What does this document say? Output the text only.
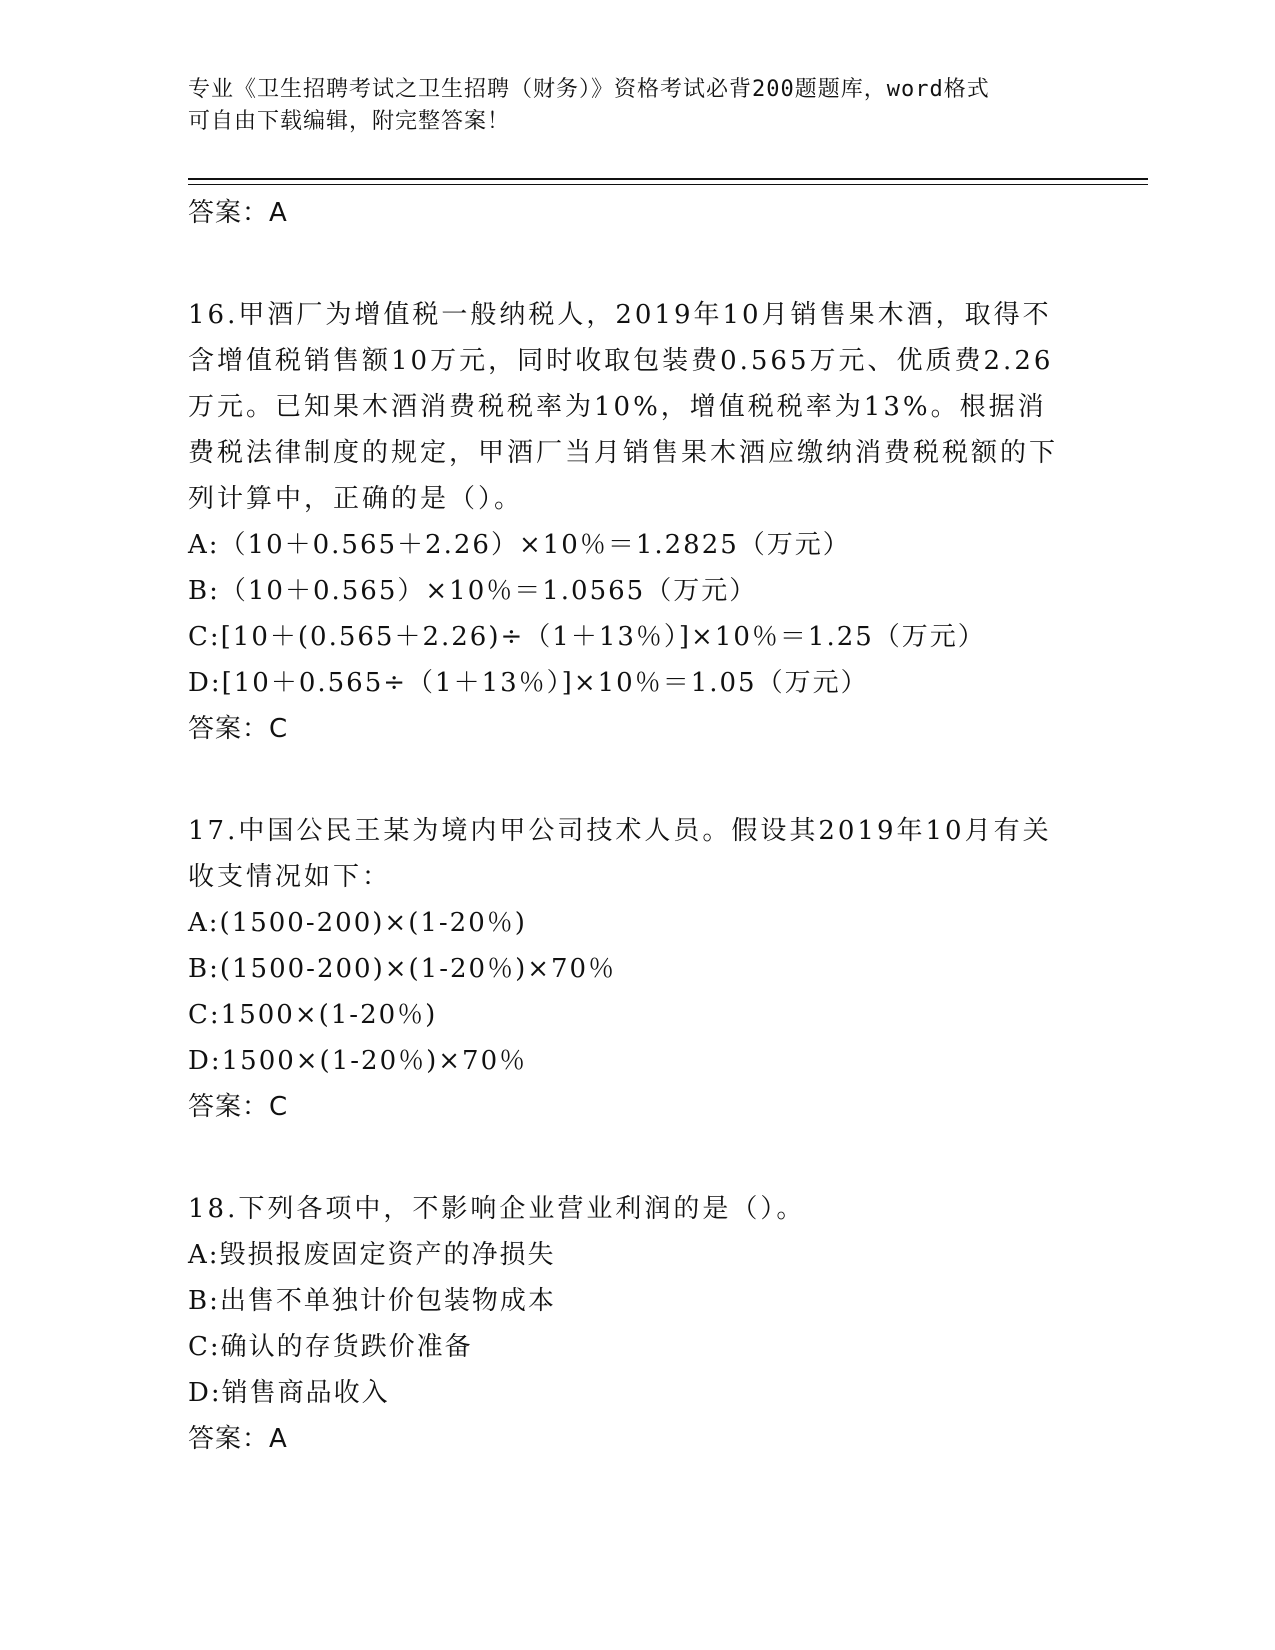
专业《卫生招聘考试之卫生招聘（财务）》资格考试必背200题题库，word格式
可自由下载编辑，附完整答案！
答案：A
16.甲酒厂为增值税一般纳税人，2019年10月销售果木酒，取得不含增值税销售额10万元，同时收取包装费0.565万元、优质费2.26万元。已知果木酒消费税税率为10%，增值税税率为13%。根据消费税法律制度的规定，甲酒厂当月销售果木酒应缴纳消费税税额的下列计算中，正确的是（）。
A:（10＋0.565＋2.26）×10％＝1.2825（万元）
B:（10＋0.565）×10％＝1.0565（万元）
C:[10＋(0.565＋2.26)÷（1＋13％）]×10％＝1.25（万元）
D:[10＋0.565÷（1＋13％）]×10％＝1.05（万元）
答案：C
17.中国公民王某为境内甲公司技术人员。假设其2019年10月有关收支情况如下：
A:(1500-200)×(1-20％)
B:(1500-200)×(1-20％)×70％
C:1500×(1-20％)
D:1500×(1-20％)×70％
答案：C
18.下列各项中，不影响企业营业利润的是（）。
A:毁损报废固定资产的净损失
B:出售不单独计价包装物成本
C:确认的存货跌价准备
D:销售商品收入
答案：A
